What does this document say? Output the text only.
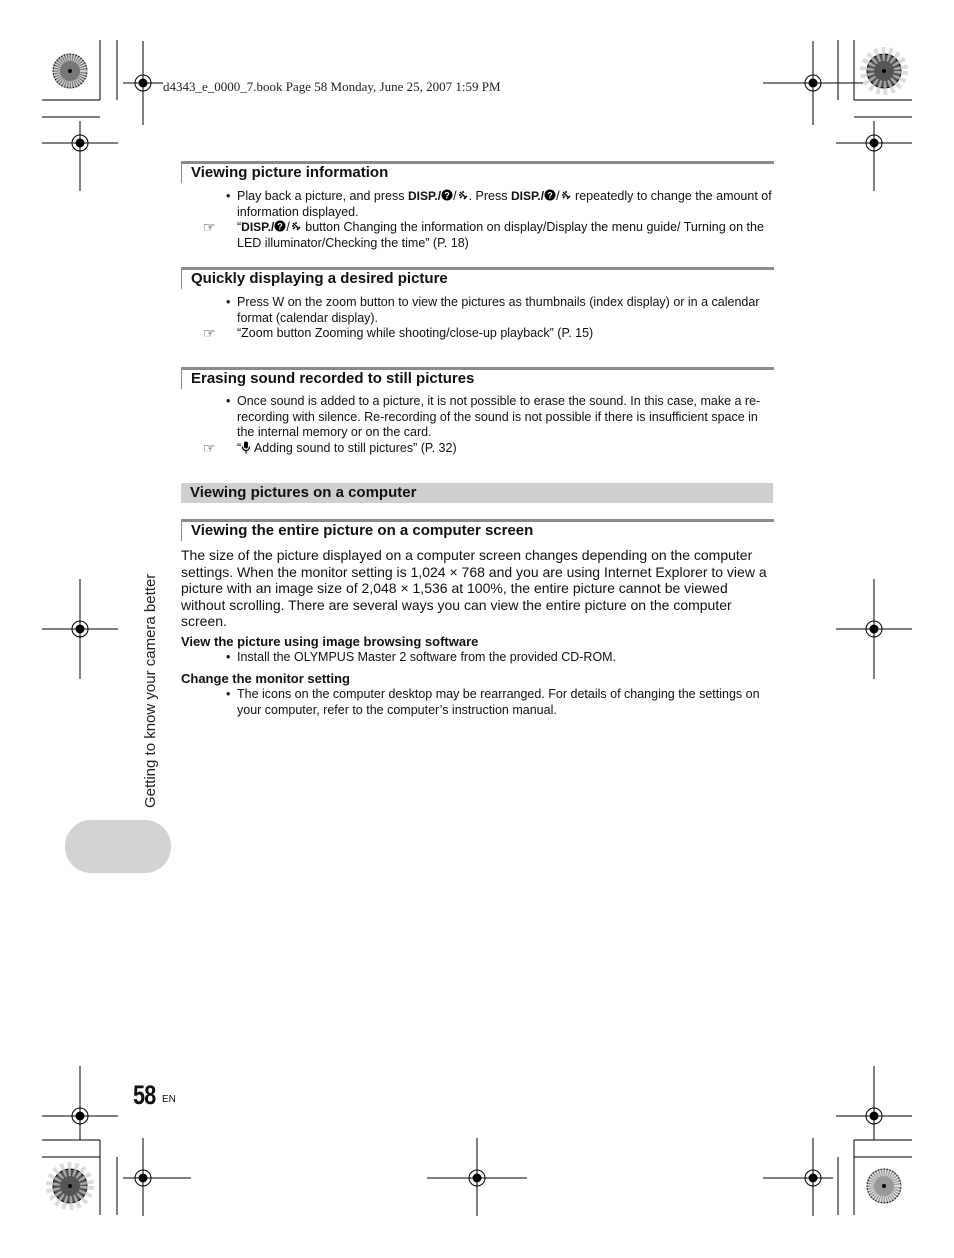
d4343_e_0000_7.book Page 58 Monday, June 25, 2007 1:59 PM
Viewing picture information
• Play back a picture, and press DISP./ ? / . Press DISP./ ? / repeatedly to change the amount of information displayed.
☞ “DISP./ ? / button Changing the information on display/Display the menu guide/ Turning on the LED illuminator/Checking the time” (P. 18)
Quickly displaying a desired picture
• Press W on the zoom button to view the pictures as thumbnails (index display) or in a calendar format (calendar display).
☞ “Zoom button Zooming while shooting/close-up playback” (P. 15)
Erasing sound recorded to still pictures
• Once sound is added to a picture, it is not possible to erase the sound. In this case, make a re-recording with silence. Re-recording of the sound is not possible if there is insufficient space in the internal memory or on the card.
☞ “ Adding sound to still pictures” (P. 32)
Viewing pictures on a computer
Viewing the entire picture on a computer screen
The size of the picture displayed on a computer screen changes depending on the computer settings. When the monitor setting is 1,024 × 768 and you are using Internet Explorer to view a picture with an image size of 2,048 × 1,536 at 100%, the entire picture cannot be viewed without scrolling. There are several ways you can view the entire picture on the computer screen.
View the picture using image browsing software
• Install the OLYMPUS Master 2 software from the provided CD-ROM.
Change the monitor setting
• The icons on the computer desktop may be rearranged. For details of changing the settings on your computer, refer to the computer’s instruction manual.
Getting to know your camera better
58 EN
